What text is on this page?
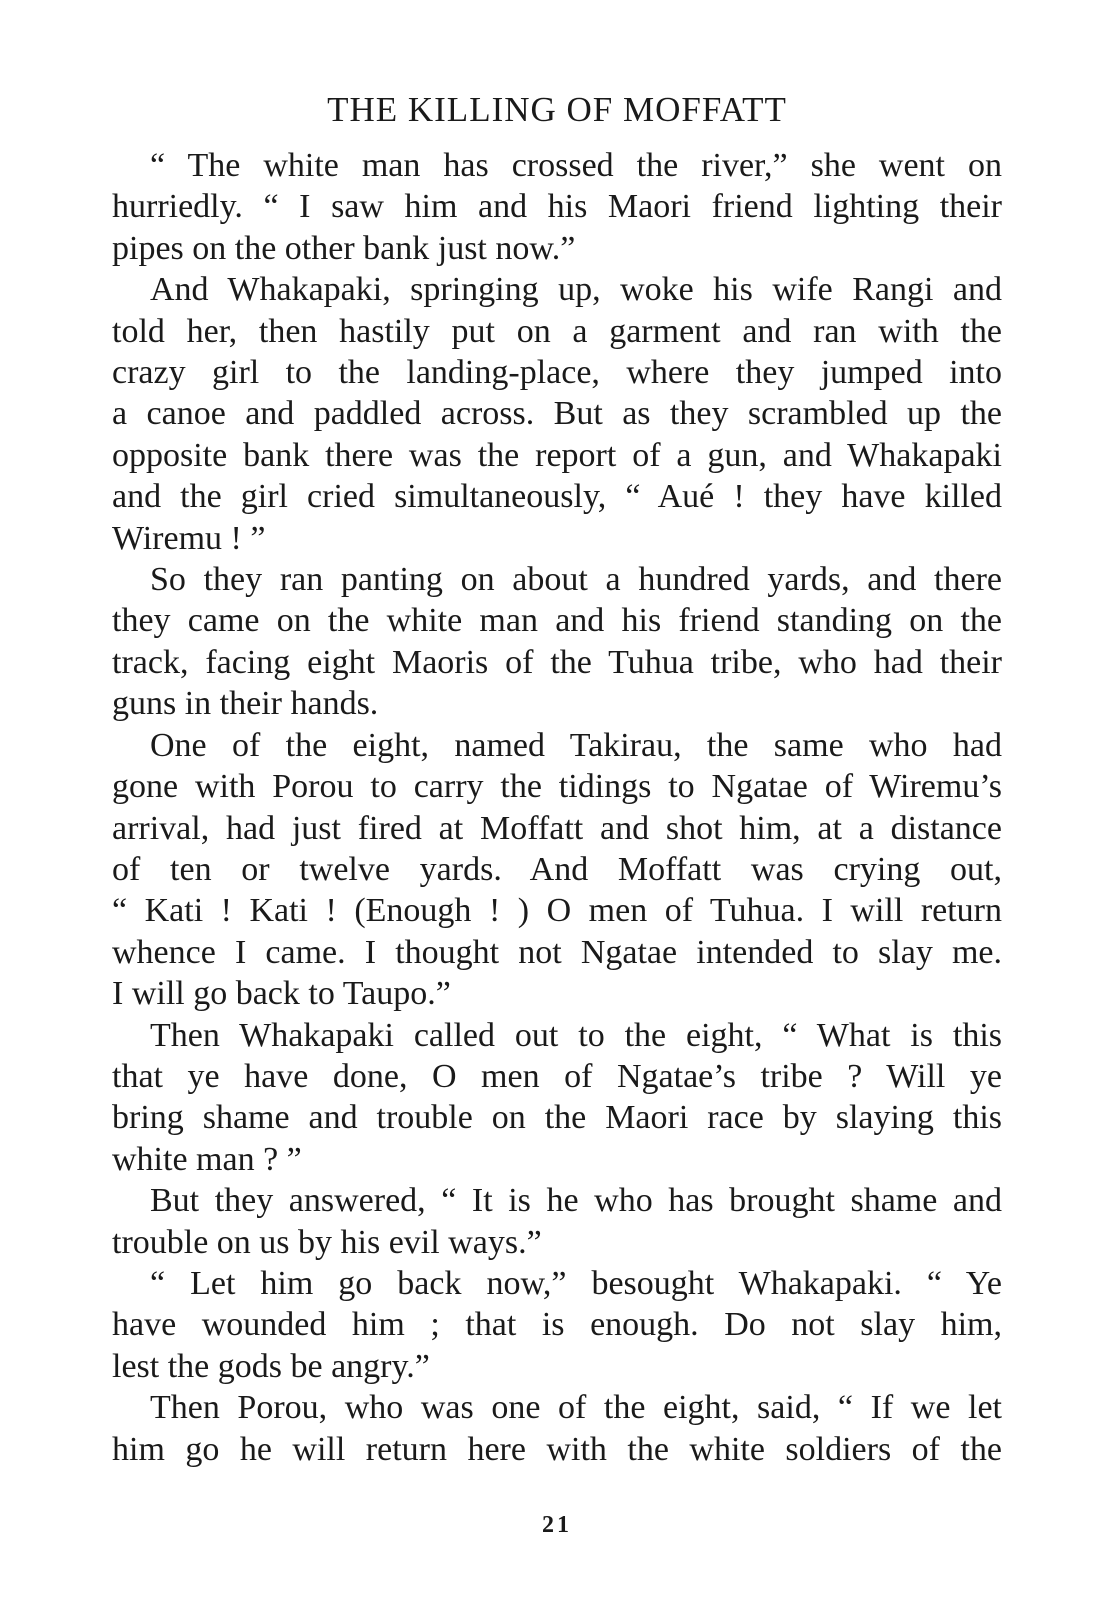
THE KILLING OF MOFFATT
“ The white man has crossed the river,” she went on
hurriedly. “ I saw him and his Maori friend lighting their
pipes on the other bank just now.”
And Whakapaki, springing up, woke his wife Rangi and
told her, then hastily put on a garment and ran with the
crazy girl to the landing-place, where they jumped into
a canoe and paddled across. But as they scrambled up the
opposite bank there was the report of a gun, and Whakapaki
and the girl cried simultaneously, “ Aué ! they have killed
Wiremu ! ”
So they ran panting on about a hundred yards, and there
they came on the white man and his friend standing on the
track, facing eight Maoris of the Tuhua tribe, who had their
guns in their hands.
One of the eight, named Takirau, the same who had
gone with Porou to carry the tidings to Ngatae of Wiremu’s
arrival, had just fired at Moffatt and shot him, at a distance
of ten or twelve yards. And Moffatt was crying out,
“ Kati ! Kati ! (Enough ! ) O men of Tuhua. I will return
whence I came. I thought not Ngatae intended to slay me.
I will go back to Taupo.”
Then Whakapaki called out to the eight, “ What is this
that ye have done, O men of Ngatae’s tribe ? Will ye
bring shame and trouble on the Maori race by slaying this
white man ? ”
But they answered, “ It is he who has brought shame and
trouble on us by his evil ways.”
“ Let him go back now,” besought Whakapaki. “ Ye
have wounded him ; that is enough. Do not slay him,
lest the gods be angry.”
Then Porou, who was one of the eight, said, “ If we let
him go he will return here with the white soldiers of the
21
